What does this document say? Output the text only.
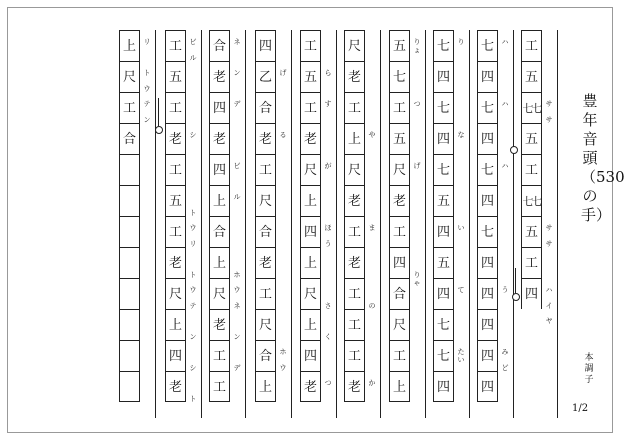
豊年音頭（530の手）
本調子
1/2
工
五
七七
五
工
七七
五
工
四
サ
サ
サ
サ
ハ
イ
ヤ
七
四
七
四
七
四
七
四
四
四
四
四
ハ
ハ
ハ
う
み
ど
七
四
七
四
七
五
四
五
四
七
七
四
り
な
い
て
たい
五
七
工
五
尺
老
工
四
合
尺
工
上
りょ
つ
げ
りゃ
尺
老
工
上
尺
老
工
老
工
工
工
老
や
ま
の
か
工
五
工
老
尺
上
四
上
尺
上
四
老
ら
す
が
ほ
う
さ
く
つ
四
乙
合
老
工
尺
合
老
工
尺
合
上
げ
る
ホ
ウ
合
老
四
老
四
上
合
上
尺
老
工
工
ネ
ン
デ
ビ
ル
ホ
ウ
ネ
ン
デ
工
五
工
老
工
五
工
老
尺
上
四
老
ビ
ル
シ
ト
ウ
リ
ト
ウ
テ
ン
シ
ト
上
尺
工
合
リ
ト
ウ
テ
ン
